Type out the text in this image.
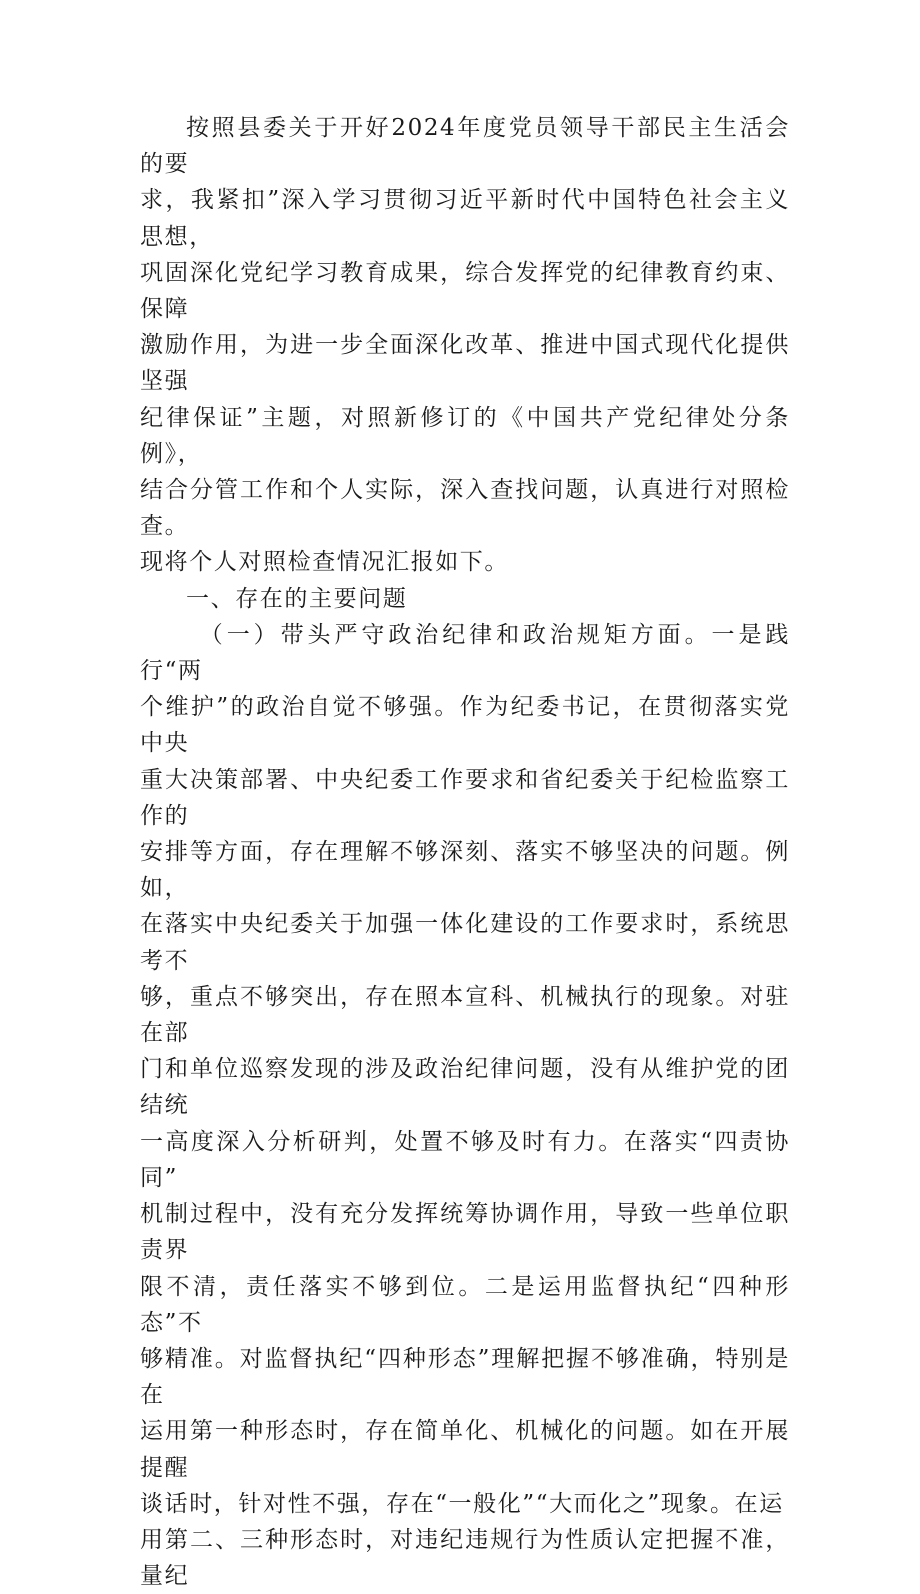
按照县委关于开好2024年度党员领导干部民主生活会的要
求，我紧扣”深入学习贯彻习近平新时代中国特色社会主义思想，
巩固深化党纪学习教育成果，综合发挥党的纪律教育约束、保障
激励作用，为进一步全面深化改革、推进中国式现代化提供坚强
纪律保证”主题，对照新修订的《中国共产党纪律处分条例》，
结合分管工作和个人实际，深入查找问题，认真进行对照检查。
现将个人对照检查情况汇报如下。

一、存在的主要问题

（一）带头严守政治纪律和政治规矩方面。一是践行“两
个维护”的政治自觉不够强。作为纪委书记，在贯彻落实党中央
重大决策部署、中央纪委工作要求和省纪委关于纪检监察工作的
安排等方面，存在理解不够深刻、落实不够坚决的问题。例如，
在落实中央纪委关于加强一体化建设的工作要求时，系统思考不
够，重点不够突出，存在照本宣科、机械执行的现象。对驻在部
门和单位巡察发现的涉及政治纪律问题，没有从维护党的团结统
一高度深入分析研判，处置不够及时有力。在落实“四责协同”
机制过程中，没有充分发挥统筹协调作用，导致一些单位职责界
限不清，责任落实不够到位。二是运用监督执纪“四种形态”不
够精准。对监督执纪“四种形态”理解把握不够准确，特别是在
运用第一种形态时，存在简单化、机械化的问题。如在开展提醒
谈话时，针对性不强，存在“一般化”“大而化之”现象。在运
用第二、三种形态时，对违纪违规行为性质认定把握不准，量纪
